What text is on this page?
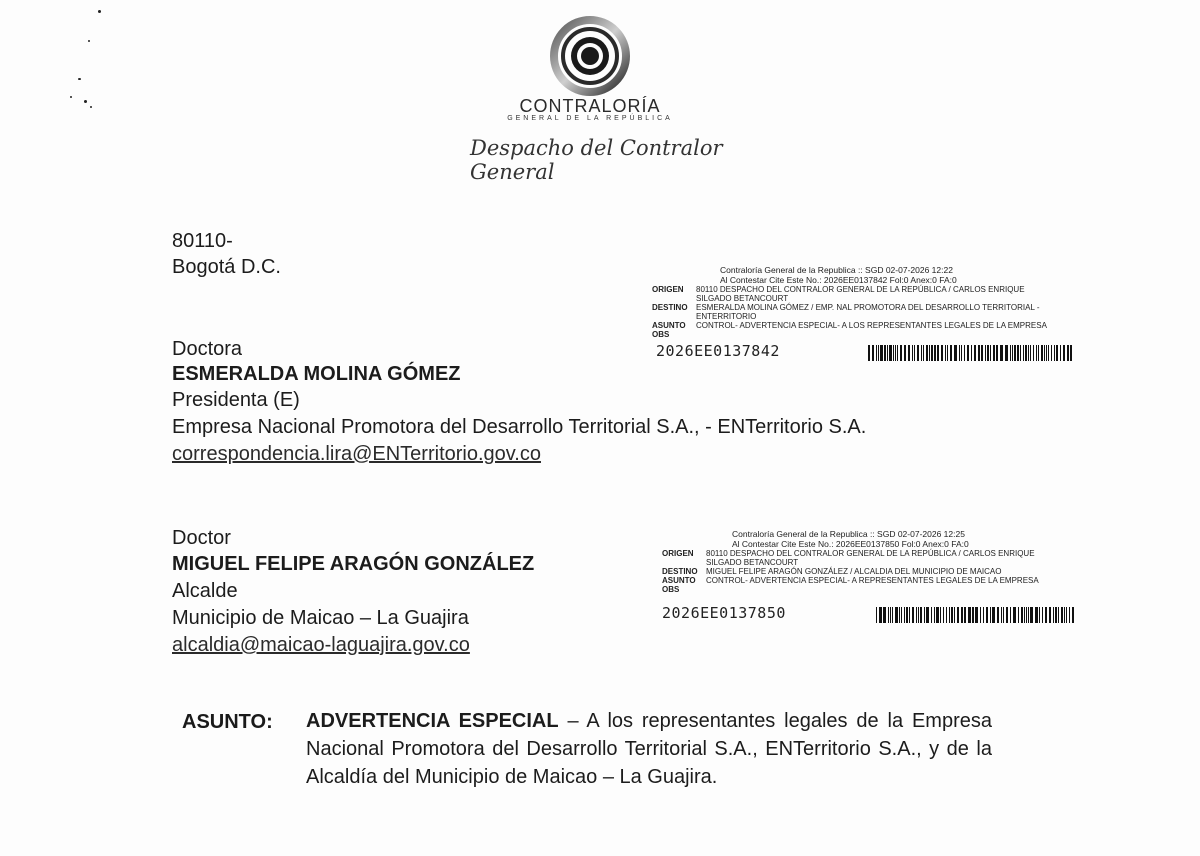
CONTRALORÍA
GENERAL DE LA REPÚBLICA
Despacho del Contralor General
80110-
Bogotá D.C.	Contraloría General de la Republica :: SGD 02-07-2026 12:22
Al Contestar Cite Este No.: 2026EE0137842 Fol:0 Anex:0 FA:0
ORIGEN 80110 DESPACHO DEL CONTRALOR GENERAL DE LA REPÚBLICA / CARLOS ENRIQUE
SILGADO BETANCOURT
DESTINO ESMERALDA MOLINA GÓMEZ / EMP. NAL PROMOTORA DEL DESARROLLO TERRITORIAL -
ENTERRITORIO
ASUNTO CONTROL- ADVERTENCIA ESPECIAL- A LOS REPRESENTANTES LEGALES DE LA EMPRESA
OBS
2026EE0137842
Doctora
ESMERALDA MOLINA GÓMEZ
Presidenta (E)
Empresa Nacional Promotora del Desarrollo Territorial S.A., - ENTerritorio S.A.
correspondencia.lira@ENTerritorio.gov.co
Contraloría General de la Republica :: SGD 02-07-2026 12:25
Al Contestar Cite Este No.: 2026EE0137850 Fol:0 Anex:0 FA:0
ORIGEN 80110 DESPACHO DEL CONTRALOR GENERAL DE LA REPÚBLICA / CARLOS ENRIQUE
SILGADO BETANCOURT
DESTINO MIGUEL FELIPE ARAGÓN GONZÁLEZ / ALCALDIA DEL MUNICIPIO DE MAICAO
ASUNTO CONTROL- ADVERTENCIA ESPECIAL- A REPRESENTANTES LEGALES DE LA EMPRESA
OBS
2026EE0137850
Doctor
MIGUEL FELIPE ARAGÓN GONZÁLEZ
Alcalde
Municipio de Maicao – La Guajira
alcaldia@maicao-laguajira.gov.co
ASUNTO: ADVERTENCIA ESPECIAL – A los representantes legales de la Empresa Nacional Promotora del Desarrollo Territorial S.A., ENTerritorio S.A., y de la Alcaldía del Municipio de Maicao – La Guajira.
